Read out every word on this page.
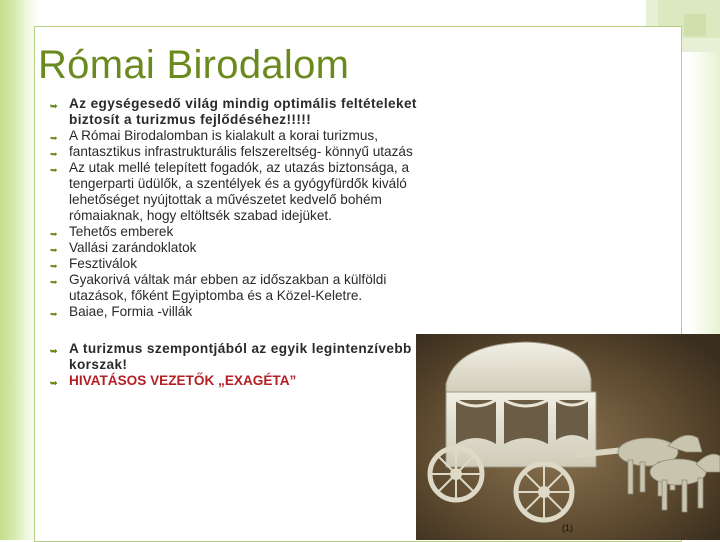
Római Birodalom
➥ Az egységesedő világ mindig optimális feltételeket biztosít a turizmus fejlődéséhez!!!!!
➥ A Római Birodalomban is kialakult a korai turizmus,
➥ fantasztikus infrastrukturális felszereltség- könnyű utazás
➥ Az utak mellé telepített fogadók, az utazás biztonsága, a tengerparti üdülők, a szentélyek és a gyógyfürdők kiváló lehetőséget nyújtottak a művészetet kedvelő bohém rómaiaknak, hogy eltöltsék szabad idejüket.
➥ Tehetős emberek
➥ Vallási zarándoklatok
➥ Fesztiválok
➥ Gyakorivá váltak már ebben az időszakban a külföldi utazások, főként Egyiptomba és a Közel-Keletre.
➥ Baiae, Formia -villák
➥ A turizmus szempontjából az egyik legintenzívebb korszak!
➥ HIVATÁSOS VEZETŐK „EXAGÉTA”
(1)
